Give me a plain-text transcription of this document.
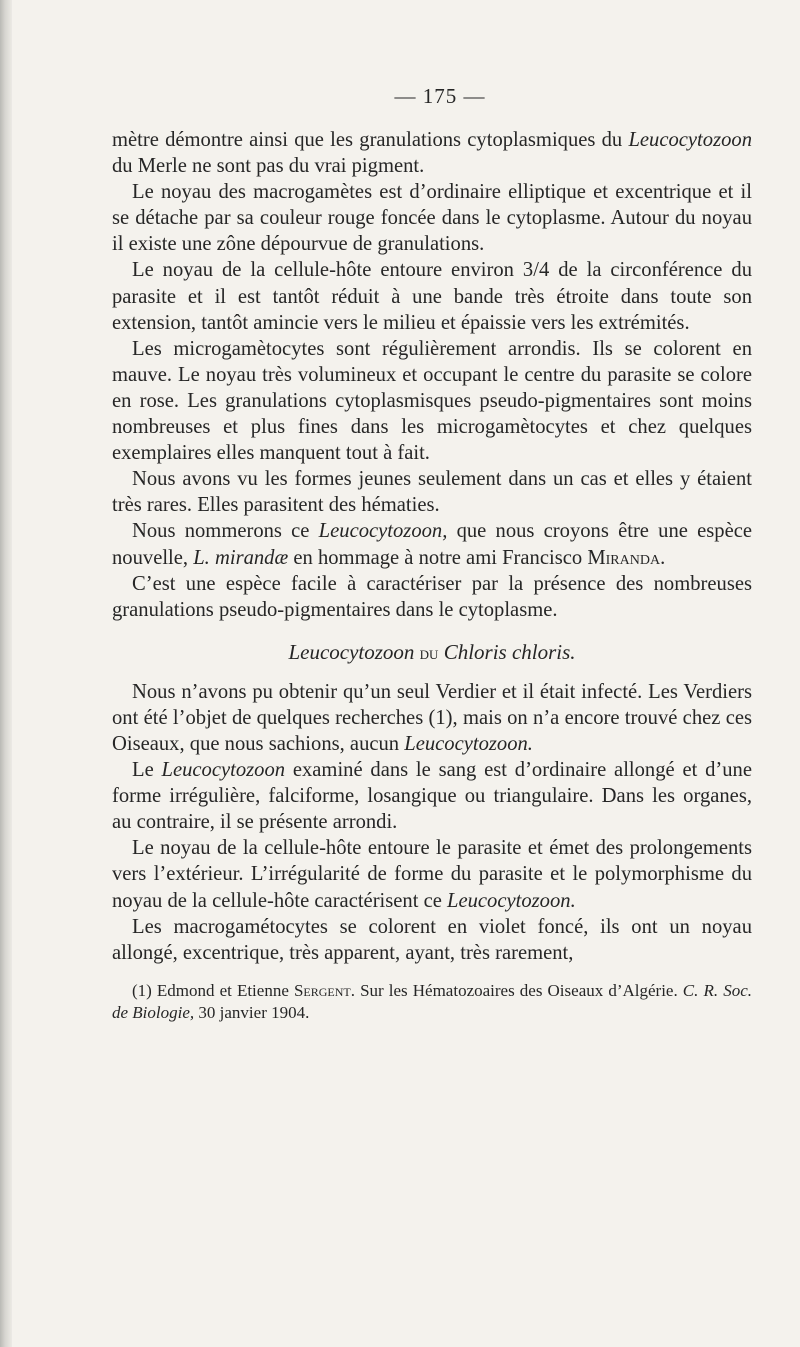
— 175 —

mètre démontre ainsi que les granulations cytoplasmiques du Leucocytozoon du Merle ne sont pas du vrai pigment.

Le noyau des macrogamètes est d’ordinaire elliptique et excentrique et il se détache par sa couleur rouge foncée dans le cytoplasme. Autour du noyau il existe une zône dépourvue de granulations.

Le noyau de la cellule-hôte entoure environ 3/4 de la circonférence du parasite et il est tantôt réduit à une bande très étroite dans toute son extension, tantôt amincie vers le milieu et épaissie vers les extrémités.

Les microgamètocytes sont régulièrement arrondis. Ils se colorent en mauve. Le noyau très volumineux et occupant le centre du parasite se colore en rose. Les granulations cytoplasmisques pseudo-pigmentaires sont moins nombreuses et plus fines dans les microgamètocytes et chez quelques exemplaires elles manquent tout à fait.

Nous avons vu les formes jeunes seulement dans un cas et elles y étaient très rares. Elles parasitent des hématies.

Nous nommerons ce Leucocytozoon, que nous croyons être une espèce nouvelle, L. mirandæ en hommage à notre ami Francisco Miranda.

C’est une espèce facile à caractériser par la présence des nombreuses granulations pseudo-pigmentaires dans le cytoplasme.

Leucocytozoon du Chloris chloris.

Nous n’avons pu obtenir qu’un seul Verdier et il était infecté. Les Verdiers ont été l’objet de quelques recherches (1), mais on n’a encore trouvé chez ces Oiseaux, que nous sachions, aucun Leucocytozoon.

Le Leucocytozoon examiné dans le sang est d’ordinaire allongé et d’une forme irrégulière, falciforme, losangique ou triangulaire. Dans les organes, au contraire, il se présente arrondi.

Le noyau de la cellule-hôte entoure le parasite et émet des prolongements vers l’extérieur. L’irrégularité de forme du parasite et le polymorphisme du noyau de la cellule-hôte caractérisent ce Leucocytozoon.

Les macrogamétocytes se colorent en violet foncé, ils ont un noyau allongé, excentrique, très apparent, ayant, très rarement,

(1) Edmond et Etienne Sergent. Sur les Hématozoaires des Oiseaux d’Algérie. C. R. Soc. de Biologie, 30 janvier 1904.
